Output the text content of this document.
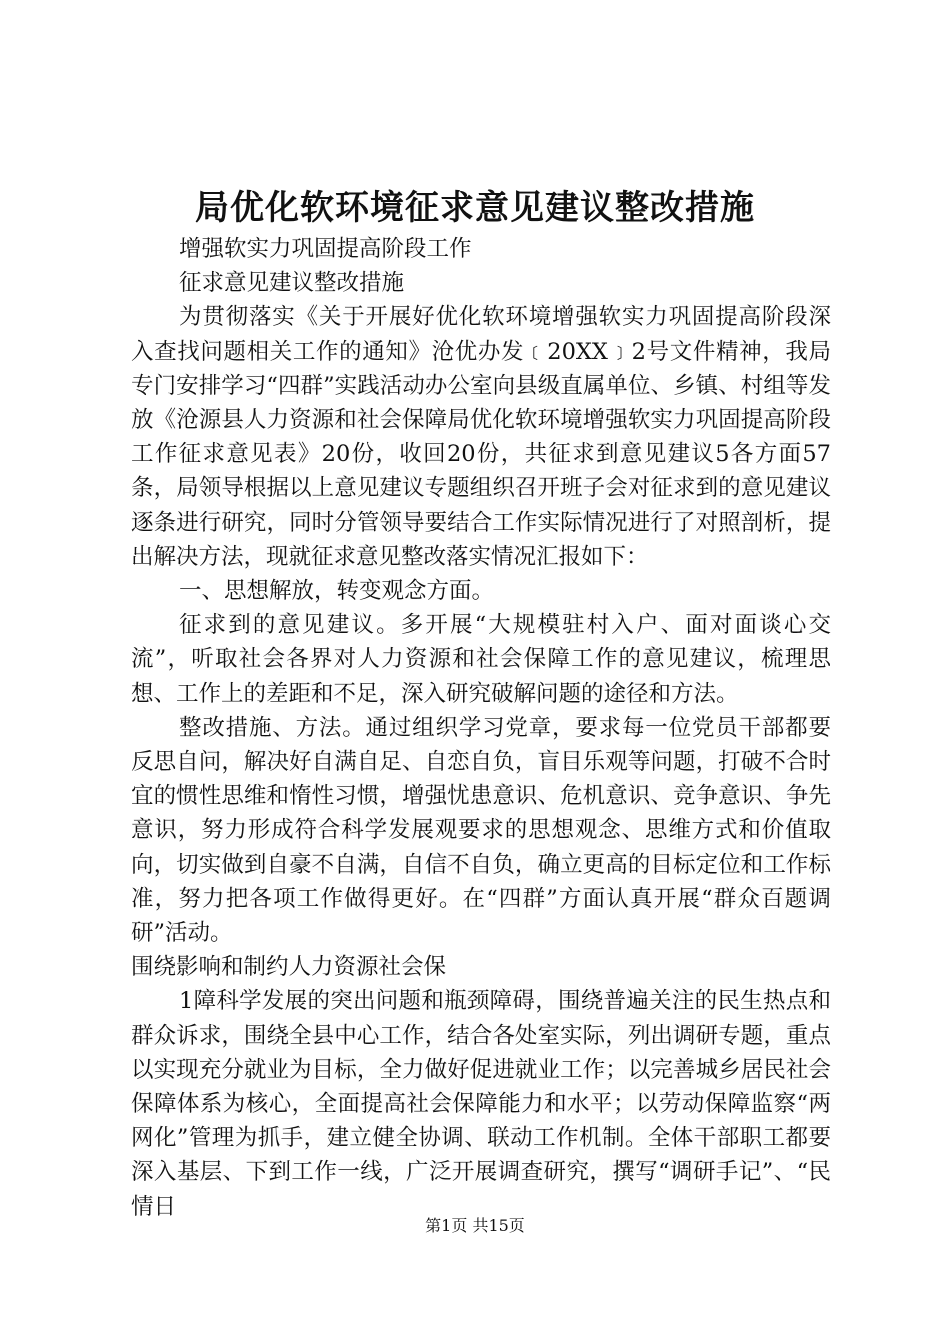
局优化软环境征求意见建议整改措施

增强软实力巩固提高阶段工作

征求意见建议整改措施

为贯彻落实《关于开展好优化软环境增强软实力巩固提高阶段深入查找问题相关工作的通知》沧优办发﹝20XX﹞2号文件精神，我局专门安排学习“四群”实践活动办公室向县级直属单位、乡镇、村组等发放《沧源县人力资源和社会保障局优化软环境增强软实力巩固提高阶段工作征求意见表》20份，收回20份，共征求到意见建议5各方面57条，局领导根据以上意见建议专题组织召开班子会对征求到的意见建议逐条进行研究，同时分管领导要结合工作实际情况进行了对照剖析，提出解决方法，现就征求意见整改落实情况汇报如下：

一、思想解放，转变观念方面。

征求到的意见建议。多开展“大规模驻村入户、面对面谈心交流”，听取社会各界对人力资源和社会保障工作的意见建议，梳理思想、工作上的差距和不足，深入研究破解问题的途径和方法。

整改措施、方法。通过组织学习党章，要求每一位党员干部都要反思自问，解决好自满自足、自恋自负，盲目乐观等问题，打破不合时宜的惯性思维和惰性习惯，增强忧患意识、危机意识、竞争意识、争先意识，努力形成符合科学发展观要求的思想观念、思维方式和价值取向，切实做到自豪不自满，自信不自负，确立更高的目标定位和工作标准，努力把各项工作做得更好。在“四群”方面认真开展“群众百题调研”活动。

围绕影响和制约人力资源社会保

1障科学发展的突出问题和瓶颈障碍，围绕普遍关注的民生热点和群众诉求，围绕全县中心工作，结合各处室实际，列出调研专题，重点以实现充分就业为目标，全力做好促进就业工作；以完善城乡居民社会保障体系为核心，全面提高社会保障能力和水平；以劳动保障监察“两网化”管理为抓手，建立健全协调、联动工作机制。全体干部职工都要深入基层、下到工作一线，广泛开展调查研究，撰写“调研手记”、“民情日

第1页 共15页
